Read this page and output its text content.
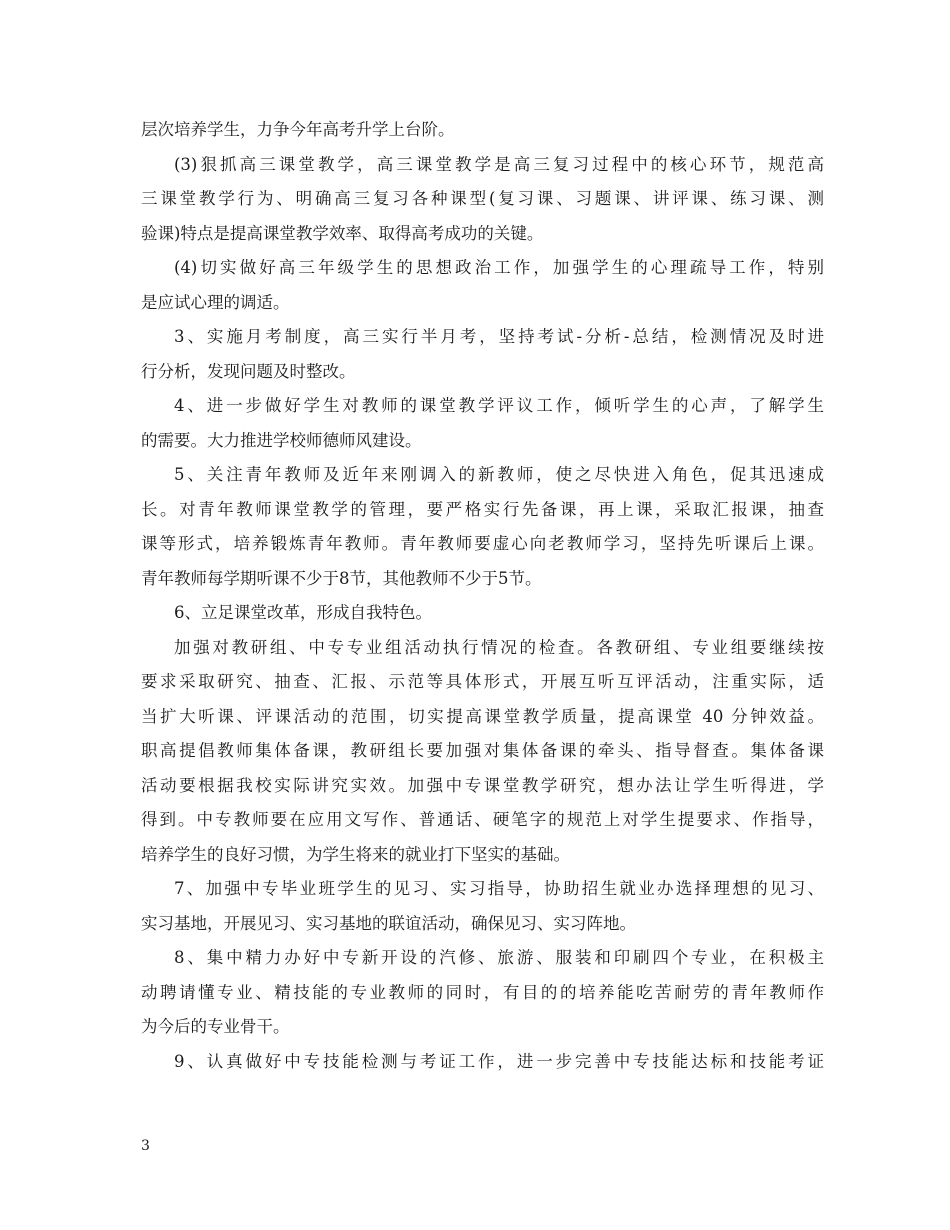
层次培养学生，力争今年高考升学上台阶。
(3)狠抓高三课堂教学，高三课堂教学是高三复习过程中的核心环节，规范高
三课堂教学行为、明确高三复习各种课型(复习课、习题课、讲评课、练习课、测
验课)特点是提高课堂教学效率、取得高考成功的关键。
(4)切实做好高三年级学生的思想政治工作，加强学生的心理疏导工作，特别
是应试心理的调适。
3、实施月考制度，高三实行半月考，坚持考试-分析-总结，检测情况及时进
行分析，发现问题及时整改。
4、进一步做好学生对教师的课堂教学评议工作，倾听学生的心声，了解学生
的需要。大力推进学校师德师风建设。
5、关注青年教师及近年来刚调入的新教师，使之尽快进入角色，促其迅速成
长。对青年教师课堂教学的管理，要严格实行先备课，再上课，采取汇报课，抽查
课等形式，培养锻炼青年教师。青年教师要虚心向老教师学习，坚持先听课后上课。
青年教师每学期听课不少于8节，其他教师不少于5节。
6、立足课堂改革，形成自我特色。
加强对教研组、中专专业组活动执行情况的检查。各教研组、专业组要继续按
要求采取研究、抽查、汇报、示范等具体形式，开展互听互评活动，注重实际，适
当扩大听课、评课活动的范围，切实提高课堂教学质量，提高课堂 40 分钟效益。
职高提倡教师集体备课，教研组长要加强对集体备课的牵头、指导督查。集体备课
活动要根据我校实际讲究实效。加强中专课堂教学研究，想办法让学生听得进，学
得到。中专教师要在应用文写作、普通话、硬笔字的规范上对学生提要求、作指导，
培养学生的良好习惯，为学生将来的就业打下坚实的基础。
7、加强中专毕业班学生的见习、实习指导，协助招生就业办选择理想的见习、
实习基地，开展见习、实习基地的联谊活动，确保见习、实习阵地。
8、集中精力办好中专新开设的汽修、旅游、服装和印刷四个专业，在积极主
动聘请懂专业、精技能的专业教师的同时，有目的的培养能吃苦耐劳的青年教师作
为今后的专业骨干。
9、认真做好中专技能检测与考证工作，进一步完善中专技能达标和技能考证
3
